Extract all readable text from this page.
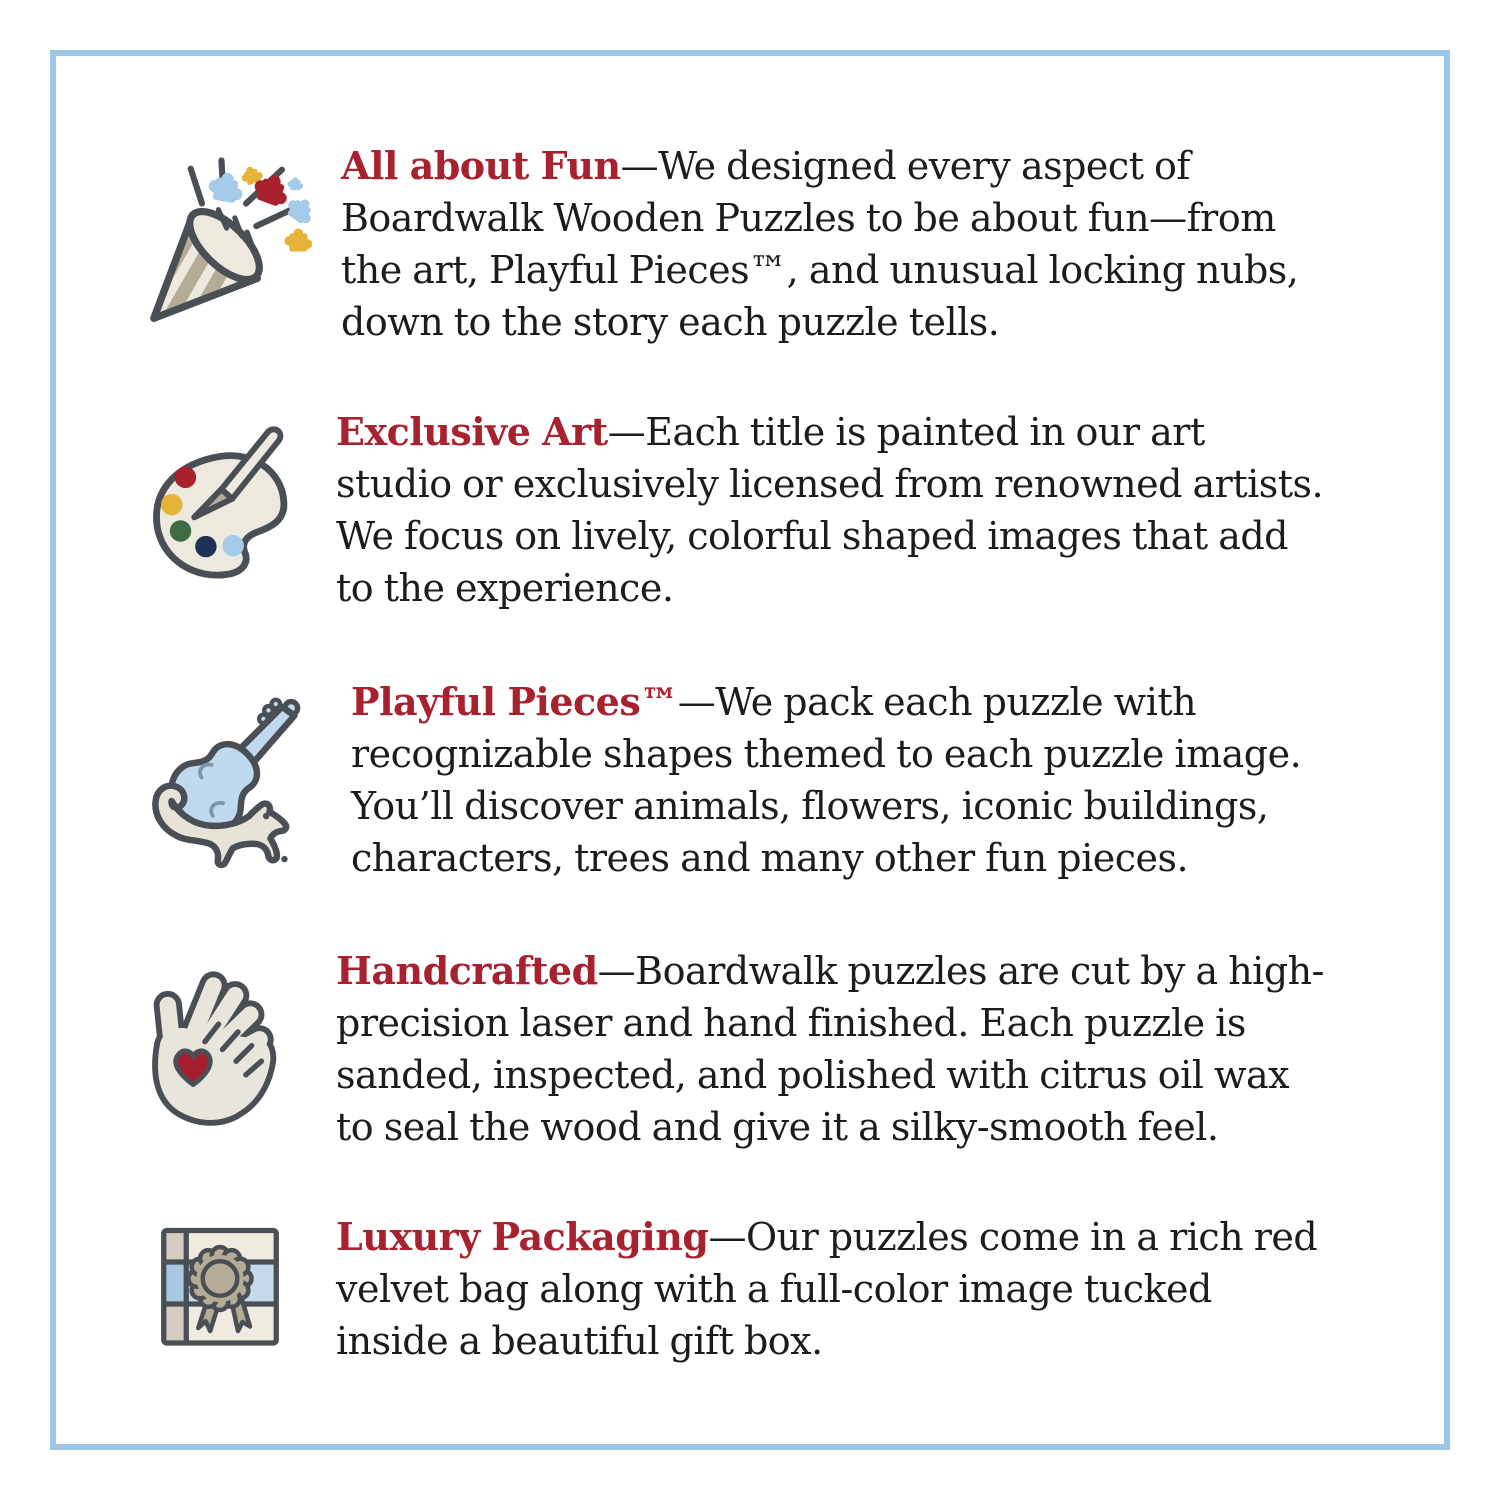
All about Fun—We designed every aspect of Boardwalk Wooden Puzzles to be about fun—from the art, Playful Pieces™, and unusual locking nubs, down to the story each puzzle tells.

Exclusive Art—Each title is painted in our art studio or exclusively licensed from renowned artists. We focus on lively, colorful shaped images that add to the experience.

Playful Pieces™—We pack each puzzle with recognizable shapes themed to each puzzle image. You’ll discover animals, flowers, iconic buildings, characters, trees and many other fun pieces.

Handcrafted—Boardwalk puzzles are cut by a high-precision laser and hand finished. Each puzzle is sanded, inspected, and polished with citrus oil wax to seal the wood and give it a silky-smooth feel.

Luxury Packaging—Our puzzles come in a rich red velvet bag along with a full-color image tucked inside a beautiful gift box.
